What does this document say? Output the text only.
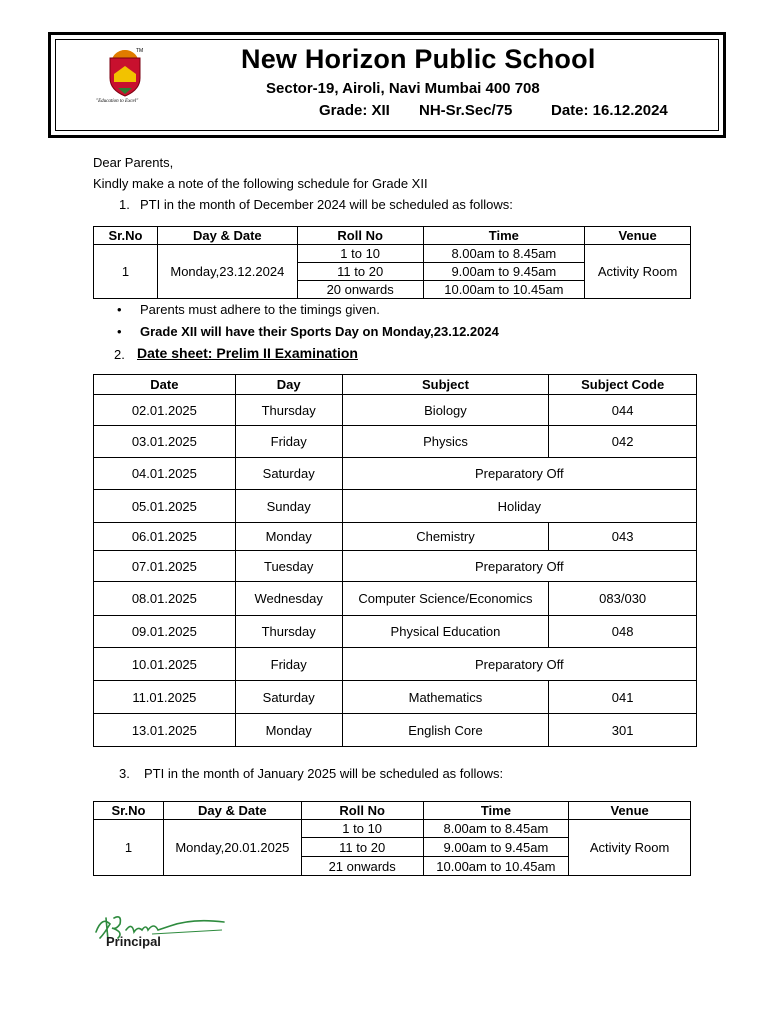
TM
"Education to Excel"
New Horizon Public School
Sector-19, Airoli, Navi Mumbai 400 708
Grade: XII NH-Sr.Sec/75	Date: 16.12.2024
Dear Parents,
Kindly make a note of the following schedule for Grade XII
1. PTI in the month of December 2024 will be scheduled as follows:
Sr.No	Day & Date	Roll No	Time	Venue
1	Monday,23.12.2024	1 to 10	8.00am to 8.45am	Activity Room
		11 to 20	9.00am to 9.45am	
		20 onwards	10.00am to 10.45am	
• Parents must adhere to the timings given.
• Grade XII will have their Sports Day on Monday,23.12.2024
2. Date sheet: Prelim II Examination
Date	Day	Subject	Subject Code
02.01.2025	Thursday	Biology	044
03.01.2025	Friday	Physics	042
04.01.2025	Saturday	Preparatory Off	
05.01.2025	Sunday	Holiday	
06.01.2025	Monday	Chemistry	043
07.01.2025	Tuesday	Preparatory Off	
08.01.2025	Wednesday	Computer Science/Economics	083/030
09.01.2025	Thursday	Physical Education	048
10.01.2025	Friday	Preparatory Off	
11.01.2025	Saturday	Mathematics	041
13.01.2025	Monday	English Core	301
3. PTI in the month of January 2025 will be scheduled as follows:
Sr.No	Day & Date	Roll No	Time	Venue
1	Monday,20.01.2025	1 to 10	8.00am to 8.45am	Activity Room
		11 to 20	9.00am to 9.45am	
		21 onwards	10.00am to 10.45am	
Principal
